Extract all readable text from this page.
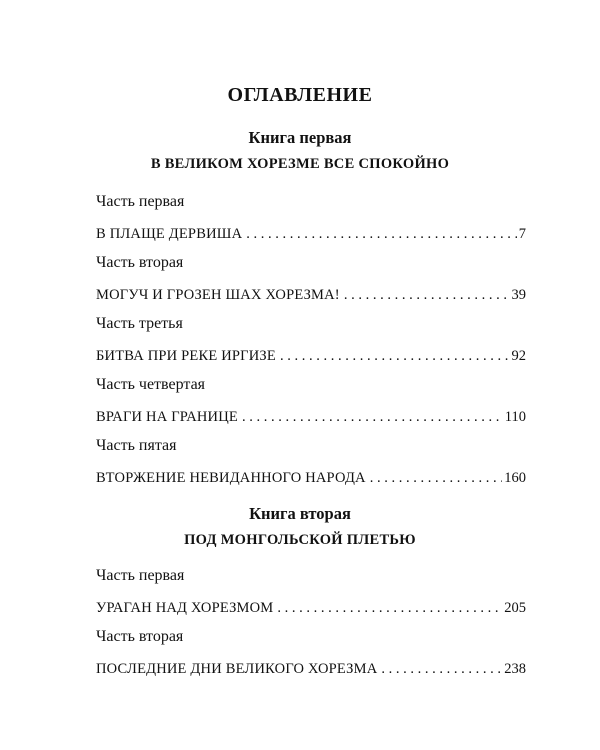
ОГЛАВЛЕНИЕ
Книга первая
В ВЕЛИКОМ ХОРЕЗМЕ ВСЕ СПОКОЙНО
Часть первая
В ПЛАЩЕ ДЕРВИША . . .	7
Часть вторая
МОГУЧ И ГРОЗЕН ШАХ ХОРЕЗМА! . . .	39
Часть третья
БИТВА ПРИ РЕКЕ ИРГИЗЕ . . .	92
Часть четвертая
ВРАГИ НА ГРАНИЦЕ . . .	110
Часть пятая
ВТОРЖЕНИЕ НЕВИДАННОГО НАРОДА . . .	160
Книга вторая
ПОД МОНГОЛЬСКОЙ ПЛЕТЬЮ
Часть первая
УРАГАН НАД ХОРЕЗМОМ . . .	205
Часть вторая
ПОСЛЕДНИЕ ДНИ ВЕЛИКОГО ХОРЕЗМА . . .	238
